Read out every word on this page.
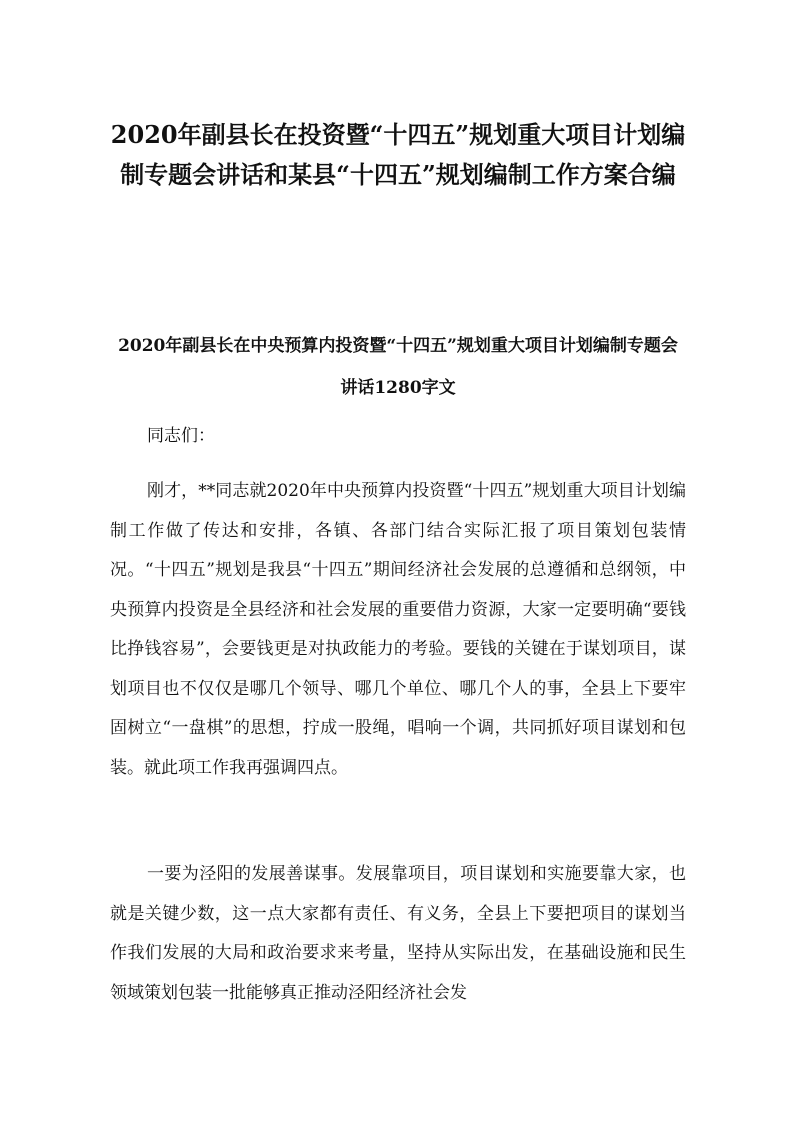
2020年副县长在投资暨“十四五”规划重大项目计划编制专题会讲话和某县“十四五”规划编制工作方案合编
2020年副县长在中央预算内投资暨“十四五”规划重大项目计划编制专题会讲话1280字文

同志们：

刚才，**同志就2020年中央预算内投资暨“十四五”规划重大项目计划编制工作做了传达和安排，各镇、各部门结合实际汇报了项目策划包装情况。“十四五”规划是我县“十四五”期间经济社会发展的总遵循和总纲领，中央预算内投资是全县经济和社会发展的重要借力资源，大家一定要明确“要钱比挣钱容易”，会要钱更是对执政能力的考验。要钱的关键在于谋划项目，谋划项目也不仅仅是哪几个领导、哪几个单位、哪几个人的事，全县上下要牢固树立“一盘棋”的思想，拧成一股绳，唱响一个调，共同抓好项目谋划和包装。就此项工作我再强调四点。

一要为泾阳的发展善谋事。发展靠项目，项目谋划和实施要靠大家，也就是关键少数，这一点大家都有责任、有义务，全县上下要把项目的谋划当作我们发展的大局和政治要求来考量，坚持从实际出发，在基础设施和民生领域策划包装一批能够真正推动泾阳经济社会发
